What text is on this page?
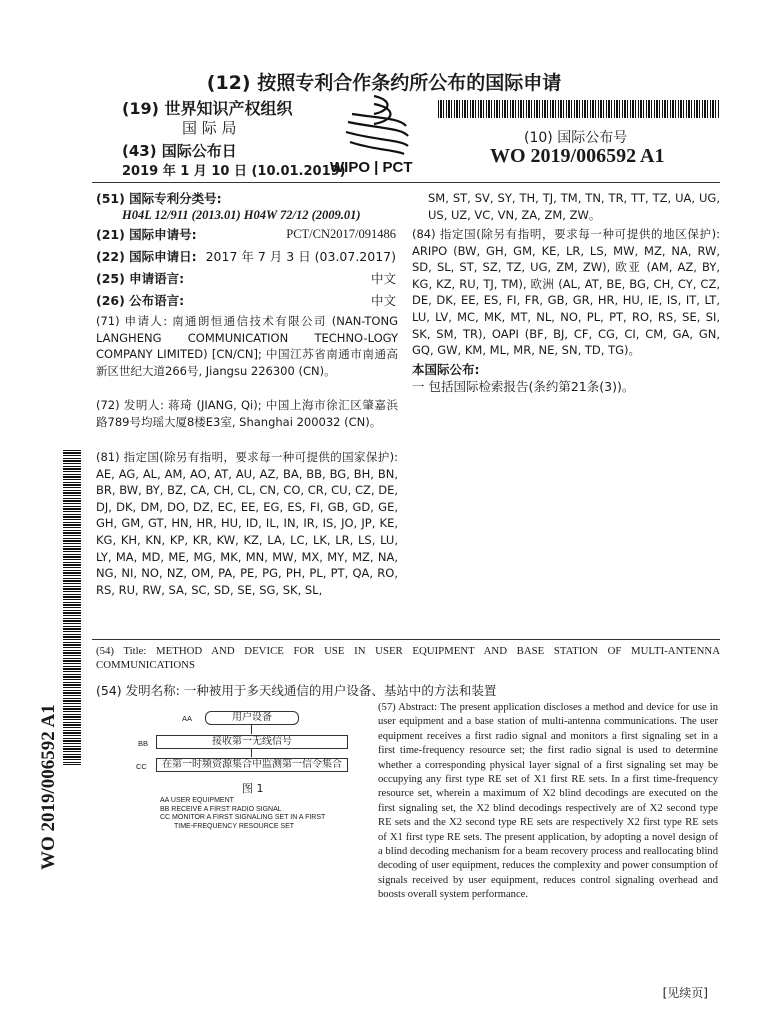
(12) 按照专利合作条约所公布的国际申请
(19) 世界知识产权组织
国 际 局
(43) 国际公布日
2019 年 1 月 10 日 (10.01.2019)
WIPO | PCT
(10) 国际公布号
WO 2019/006592 A1
(51) 国际专利分类号:
H04L 12/911 (2013.01) H04W 72/12 (2009.01)
(21) 国际申请号:	PCT/CN2017/091486
(22) 国际申请日: 2017 年 7 月 3 日 (03.07.2017)
(25) 申请语言:	中文
(26) 公布语言:	中文
(71) 申请人: 南通朗恒通信技术有限公司 (NAN-TONG LANGHENG COMMUNICATION TECHNO-LOGY COMPANY LIMITED) [CN/CN]; 中国江苏省南通市南通高新区世纪大道266号, Jiangsu 226300 (CN)。
(72) 发明人: 蒋琦 (JIANG, Qi); 中国上海市徐汇区肇嘉浜路789号均瑶大厦8楼E3室, Shanghai 200032 (CN)。
(81) 指定国(除另有指明，要求每一种可提供的国家保护): AE, AG, AL, AM, AO, AT, AU, AZ, BA, BB, BG, BH, BN, BR, BW, BY, BZ, CA, CH, CL, CN, CO, CR, CU, CZ, DE, DJ, DK, DM, DO, DZ, EC, EE, EG, ES, FI, GB, GD, GE, GH, GM, GT, HN, HR, HU, ID, IL, IN, IR, IS, JO, JP, KE, KG, KH, KN, KP, KR, KW, KZ, LA, LC, LK, LR, LS, LU, LY, MA, MD, ME, MG, MK, MN, MW, MX, MY, MZ, NA, NG, NI, NO, NZ, OM, PA, PE, PG, PH, PL, PT, QA, RO, RS, RU, RW, SA, SC, SD, SE, SG, SK, SL,
SM, ST, SV, SY, TH, TJ, TM, TN, TR, TT, TZ, UA, UG, US, UZ, VC, VN, ZA, ZM, ZW。
(84) 指定国(除另有指明，要求每一种可提供的地区保护): ARIPO (BW, GH, GM, KE, LR, LS, MW, MZ, NA, RW, SD, SL, ST, SZ, TZ, UG, ZM, ZW), 欧亚 (AM, AZ, BY, KG, KZ, RU, TJ, TM), 欧洲 (AL, AT, BE, BG, CH, CY, CZ, DE, DK, EE, ES, FI, FR, GB, GR, HR, HU, IE, IS, IT, LT, LU, LV, MC, MK, MT, NL, NO, PL, PT, RO, RS, SE, SI, SK, SM, TR), OAPI (BF, BJ, CF, CG, CI, CM, GA, GN, GQ, GW, KM, ML, MR, NE, SN, TD, TG)。
本国际公布:
一 包括国际检索报告(条约第21条(3))。
WO 2019/006592 A1
(54) Title: METHOD AND DEVICE FOR USE IN USER EQUIPMENT AND BASE STATION OF MULTI-ANTENNA COMMUNICATIONS
(54) 发明名称: 一种被用于多天线通信的用户设备、基站中的方法和装置
AA	用户设备
BB	接收第一无线信号
CC	在第一时频资源集合中监测第一信令集合
图 1
AA USER EQUIPMENT
BB RECEIVE A FIRST RADIO SIGNAL
CC MONITOR A FIRST SIGNALING SET IN A FIRST
TIME-FREQUENCY RESOURCE SET
(57) Abstract: The present application discloses a method and device for use in user equipment and a base station of multi-antenna communications. The user equipment receives a first radio signal and monitors a first signaling set in a first time-frequency resource set; the first radio signal is used to determine whether a corresponding physical layer signal of a first signaling set may be occupying any first type RE set of X1 first RE sets. In a first time-frequency resource set, wherein a maximum of X2 blind decodings are executed on the first signaling set, the X2 blind decodings respectively are of X2 second type RE sets and the X2 second type RE sets are respectively X2 first type RE sets of X1 first type RE sets. The present application, by adopting a novel design of a blind decoding mechanism for a beam recovery process and reallocating blind decoding of user equipment, reduces the complexity and power consumption of signals received by user equipment, reduces control signaling overhead and boosts overall system performance.
[见续页]
